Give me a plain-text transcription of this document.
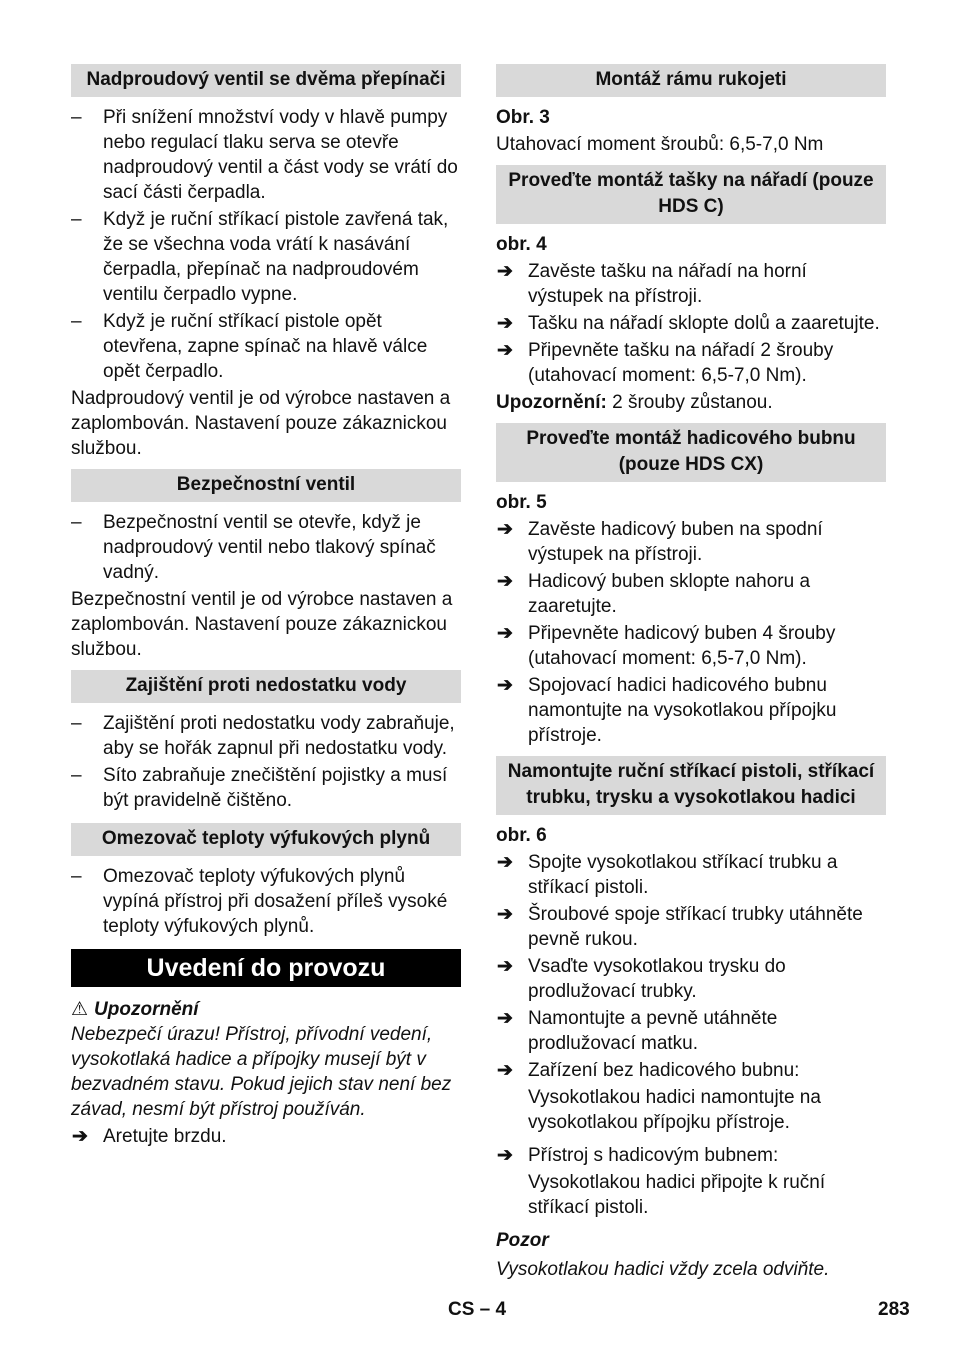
Nadproudový ventil se dvěma přepínači
– Při snížení množství vody v hlavě pumpy nebo regulací tlaku serva se otevře nadproudový ventil a část vody se vrátí do sací části čerpadla.
– Když je ruční stříkací pistole zavřená tak, že se všechna voda vrátí k nasávání čerpadla, přepínač na nadproudovém ventilu čerpadlo vypne.
– Když je ruční stříkací pistole opět otevřena, zapne spínač na hlavě válce opět čerpadlo.

Nadproudový ventil je od výrobce nastaven a zaplombován. Nastavení pouze zákaznickou službou.

Bezpečnostní ventil
– Bezpečnostní ventil se otevře, když je nadproudový ventil nebo tlakový spínač vadný.

Bezpečnostní ventil je od výrobce nastaven a zaplombován. Nastavení pouze zákaznickou službou.

Zajištění proti nedostatku vody
– Zajištění proti nedostatku vody zabraňuje, aby se hořák zapnul při nedostatku vody.
– Síto zabraňuje znečištění pojistky a musí být pravidelně čištěno.
Omezovač teploty výfukových plynů
– Omezovač teploty výfukových plynů vypíná přístroj při dosažení příleš vysoké teploty výfukových plynů.
Uvedení do provozu
⚠ Upozornění

Nebezpečí úrazu! Přístroj, přívodní vedení, vysokotlaká hadice a přípojky musejí být v bezvadném stavu. Pokud jejich stav není bez závad, nesmí být přístroj používán.

➔ Aretujte brzdu.
Montáž rámu rukojeti
Obr. 3

Utahovací moment šroubů: 6,5-7,0 Nm

Proveďte montáž tašky na nářadí (pouze HDS C)
obr. 4
➔ Zavěste tašku na nářadí na horní výstupek na přístroji.
➔ Tašku na nářadí sklopte dolů a zaaretujte.
➔ Připevněte tašku na nářadí 2 šrouby (utahovací moment: 6,5-7,0 Nm).

Upozornění: 2 šrouby zůstanou.

Proveďte montáž hadicového bubnu (pouze HDS CX)
obr. 5
➔ Zavěste hadicový buben na spodní výstupek na přístroji.
➔ Hadicový buben sklopte nahoru a zaaretujte.
➔ Připevněte hadicový buben 4 šrouby (utahovací moment: 6,5-7,0 Nm).
➔ Spojovací hadici hadicového bubnu namontujte na vysokotlakou přípojku přístroje.
Namontujte ruční stříkací pistoli, stříkací trubku, trysku a vysokotlakou hadici
obr. 6
➔ Spojte vysokotlakou stříkací trubku a stříkací pistoli.
➔ Šroubové spoje stříkací trubky utáhněte pevně rukou.
➔ Vsaďte vysokotlakou trysku do prodlužovací trubky.
➔ Namontujte a pevně utáhněte prodlužovací matku.
➔ Zařízení bez hadicového bubnu:

Vysokotlakou hadici namontujte na vysokotlakou přípojku přístroje.

➔ Přístroj s hadicovým bubnem:

Vysokotlakou hadici připojte k ruční stříkací pistoli.

Pozor

Vysokotlakou hadici vždy zcela odviňte.

CS – 4	283
